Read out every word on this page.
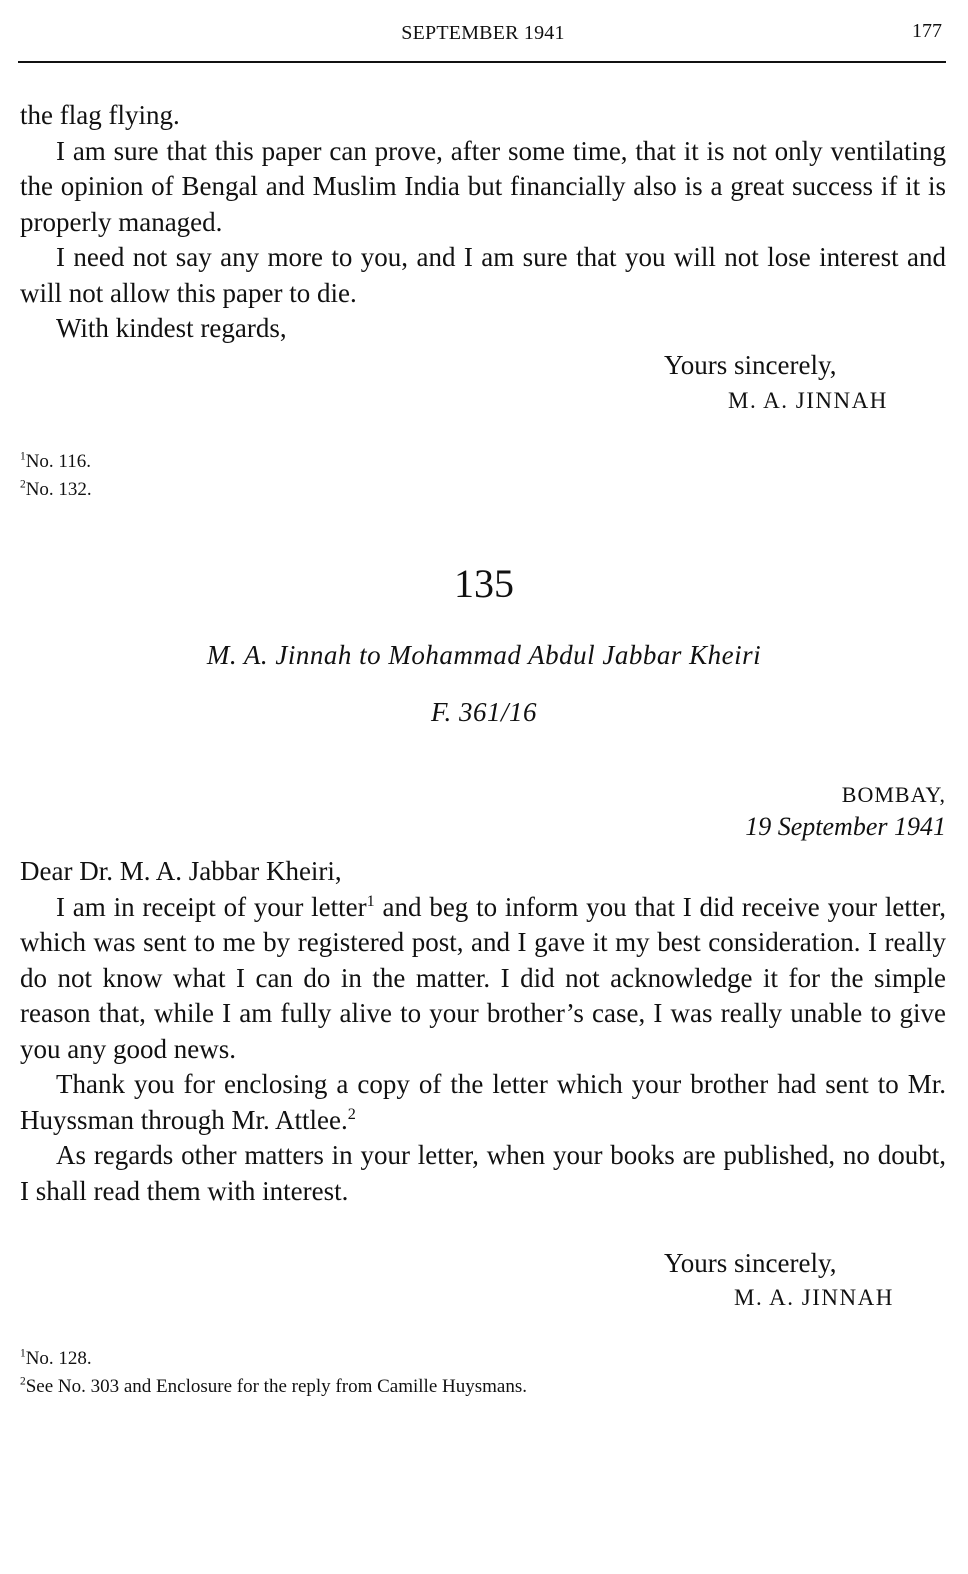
SEPTEMBER 1941	177

the flag flying.

I am sure that this paper can prove, after some time, that it is not only ventilating the opinion of Bengal and Muslim India but financially also is a great success if it is properly managed.

I need not say any more to you, and I am sure that you will not lose interest and will not allow this paper to die.

With kindest regards,

Yours sincerely,
M. A. JINNAH
$^1$No. 116.
$^2$No. 132.
135
M. A. Jinnah to Mohammad Abdul Jabbar Kheiri
F. 361/16
BOMBAY,
19 September 1941

Dear Dr. M. A. Jabbar Kheiri,

I am in receipt of your letter$^1$ and beg to inform you that I did receive your letter, which was sent to me by registered post, and I gave it my best consideration. I really do not know what I can do in the matter. I did not acknowledge it for the simple reason that, while I am fully alive to your brother’s case, I was really unable to give you any good news.

Thank you for enclosing a copy of the letter which your brother had sent to Mr. Huyssman through Mr. Attlee.$^2$

As regards other matters in your letter, when your books are published, no doubt, I shall read them with interest.

Yours sincerely,
M. A. JINNAH
$^1$No. 128.
$^2$See No. 303 and Enclosure for the reply from Camille Huysmans.
